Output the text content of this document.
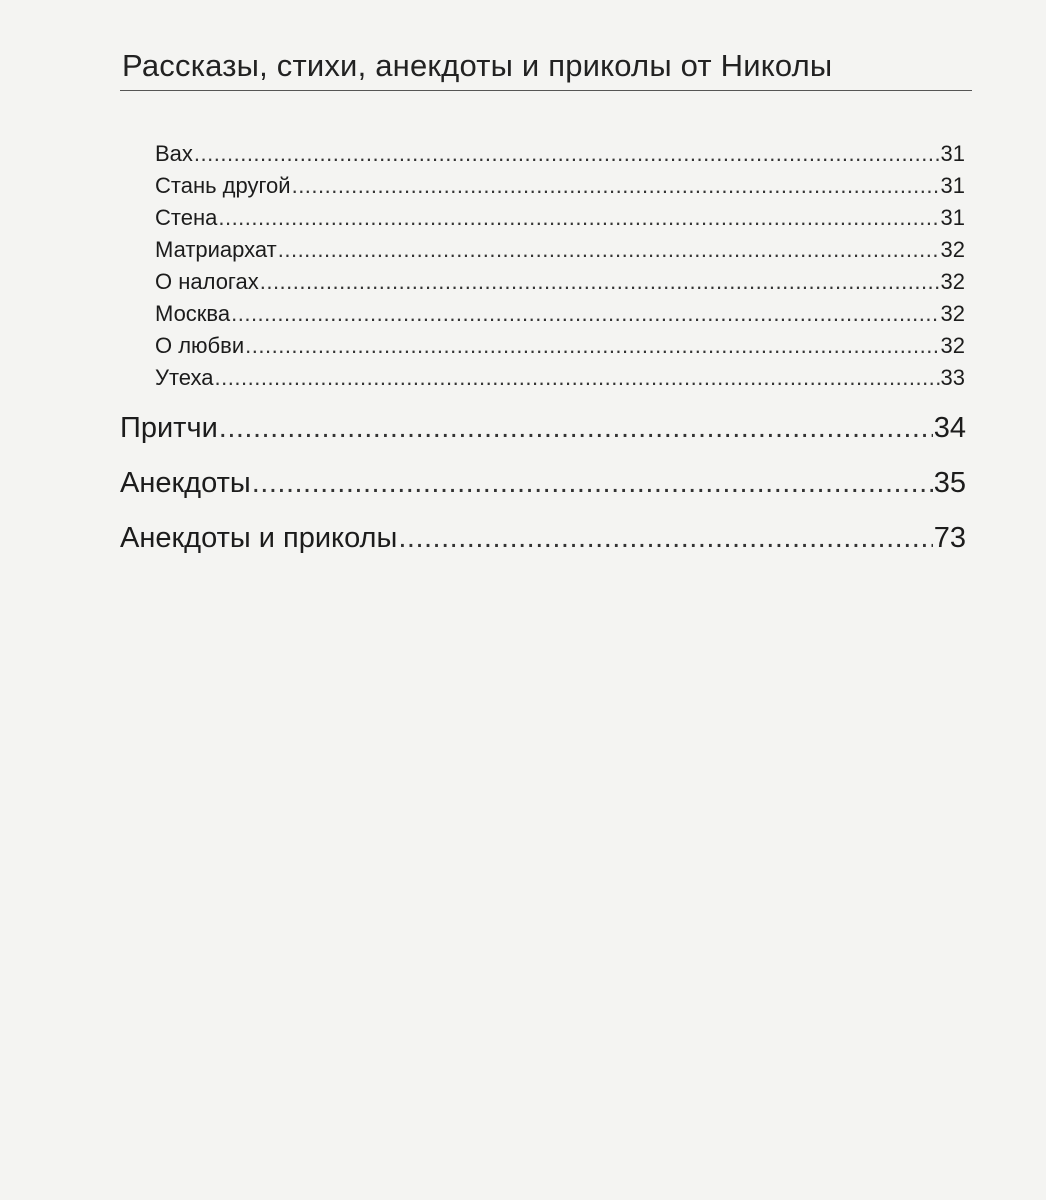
Рассказы, стихи, анекдоты и приколы от Николы
Вах .....	31
Стань другой .....	31
Стена .....	31
Матриархат .....	32
О налогах .....	32
Москва .....	32
О любви .....	32
Утеха .....	33
Притчи .....	34
Анекдоты .....	35
Анекдоты и приколы .....	73
